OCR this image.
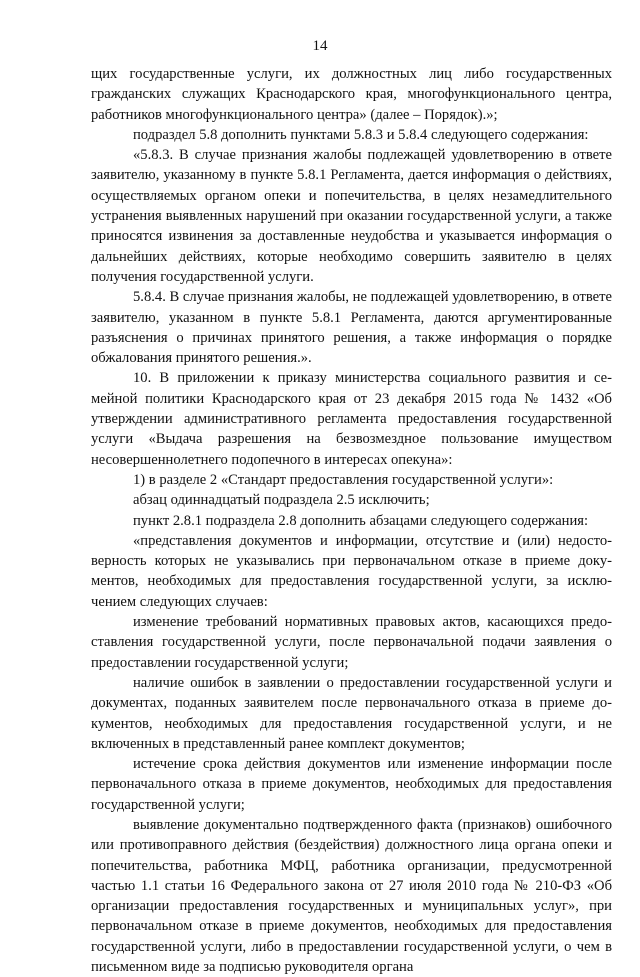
14

щих государственные услуги, их должностных лиц либо государственных гражданских служащих Краснодарского края, многофункционального центра, работников многофункционального центра» (далее – Порядок).»;

подраздел 5.8 дополнить пунктами 5.8.3 и 5.8.4 следующего содержания:

«5.8.3. В случае признания жалобы подлежащей удовлетворению в ответе заявителю, указанному в пункте 5.8.1 Регламента, дается информация о действиях, осуществляемых органом опеки и попечительства, в целях незамедлительного устранения выявленных нарушений при оказании государственной услуги, а также приносятся извинения за доставленные неудобства и указывается информация о дальнейших действиях, которые необходимо совершить заявителю в целях получения государственной услуги.

5.8.4. В случае признания жалобы, не подлежащей удовлетворению, в ответе заявителю, указанном в пункте 5.8.1 Регламента, даются аргументированные разъяснения о причинах принятого решения, а также информация о порядке обжалования принятого решения.».

10. В приложении к приказу министерства социального развития и семейной политики Краснодарского края от 23 декабря 2015 года № 1432 «Об утверждении административного регламента предоставления государственной услуги «Выдача разрешения на безвозмездное пользование имуществом несовершеннолетнего подопечного в интересах опекуна»:

1) в разделе 2 «Стандарт предоставления государственной услуги»:

абзац одиннадцатый подраздела 2.5 исключить;

пункт 2.8.1 подраздела 2.8 дополнить абзацами следующего содержания:

«представления документов и информации, отсутствие и (или) недостоверность которых не указывались при первоначальном отказе в приеме документов, необходимых для предоставления государственной услуги, за исключением следующих случаев:

изменение требований нормативных правовых актов, касающихся предоставления государственной услуги, после первоначальной подачи заявления о предоставлении государственной услуги;

наличие ошибок в заявлении о предоставлении государственной услуги и документах, поданных заявителем после первоначального отказа в приеме документов, необходимых для предоставления государственной услуги, и не включенных в представленный ранее комплект документов;

истечение срока действия документов или изменение информации после первоначального отказа в приеме документов, необходимых для предоставления государственной услуги;

выявление документально подтвержденного факта (признаков) ошибочного или противоправного действия (бездействия) должностного лица органа опеки и попечительства, работника МФЦ, работника организации, предусмотренной частью 1.1 статьи 16 Федерального закона от 27 июля 2010 года № 210-ФЗ «Об организации предоставления государственных и муниципальных услуг», при первоначальном отказе в приеме документов, необходимых для предоставления государственной услуги, либо в предоставлении государственной услуги, о чем в письменном виде за подписью руководителя органа
